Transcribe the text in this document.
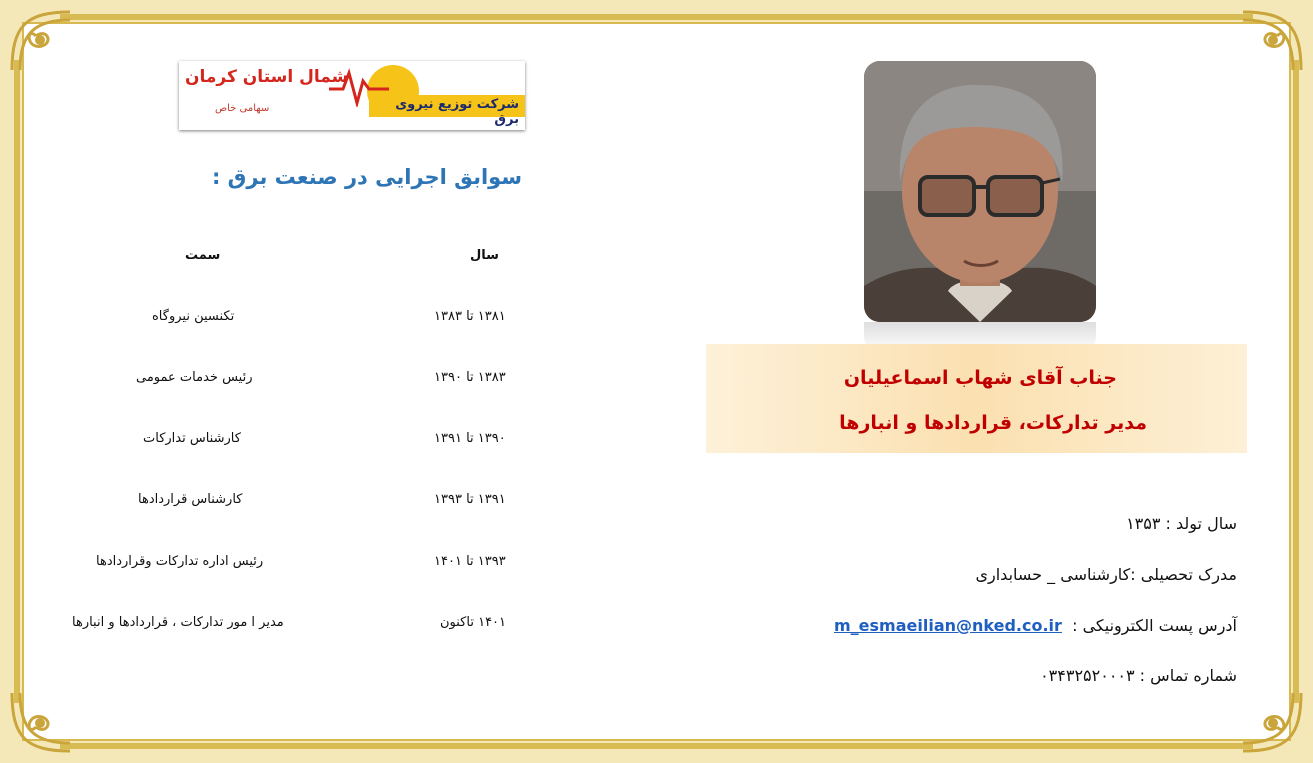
شرکت توزیع نیروی برق
شمال استان کرمان
سهامی خاص
سوابق اجرایی در صنعت برق :
سال
سمت
۱۳۸۱ تا ۱۳۸۳
تکنسین نیروگاه
۱۳۸۳ تا ۱۳۹۰
رئیس خدمات عمومی
۱۳۹۰ تا ۱۳۹۱
کارشناس تدارکات
۱۳۹۱ تا ۱۳۹۳
کارشناس قراردادها
۱۳۹۳ تا ۱۴۰۱
رئیس اداره تدارکات وقراردادها
۱۴۰۱ تاکنون
مدیر ا مور تدارکات ، قراردادها و انبارها
جناب آقای شهاب اسماعیلیان
مدیر تدارکات، قراردادها و انبارها
سال تولد : ۱۳۵۳
مدرک تحصیلی :کارشناسی _ حسابداری
آدرس پست الکترونیکی :  m_esmaeilian@nked.co.ir
شماره تماس : ۰۳۴۳۲۵۲۰۰۰۳
